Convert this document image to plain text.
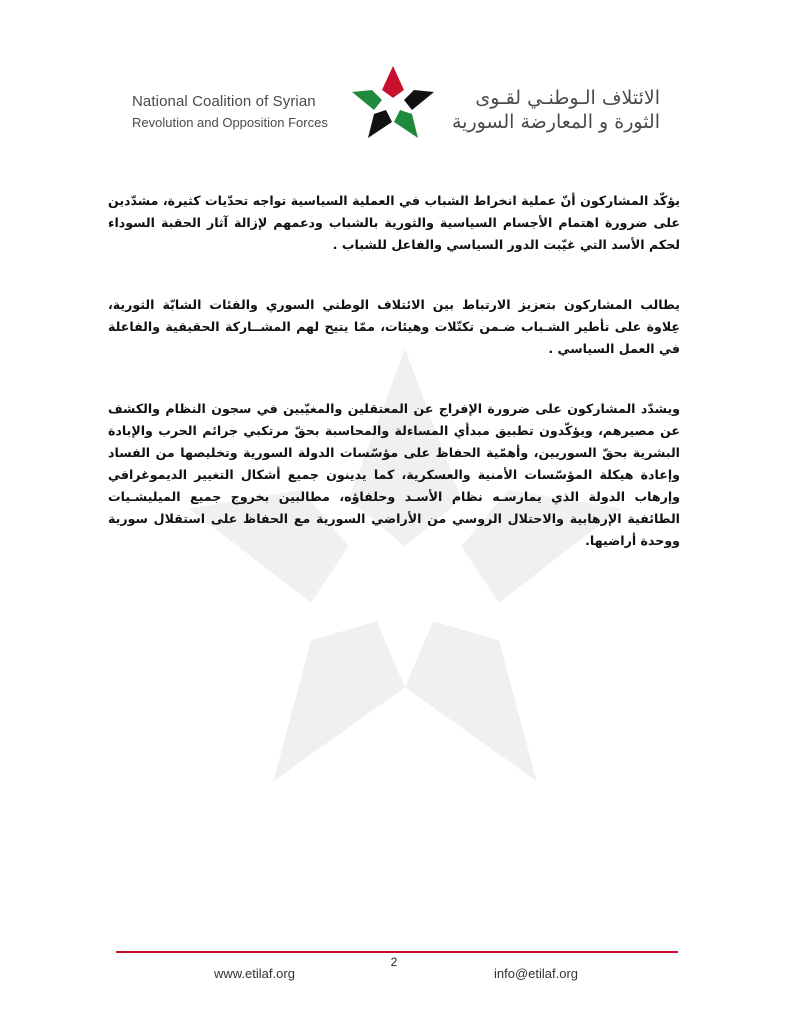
National Coalition of Syrian
Revolution and Opposition Forces
الائتلاف الـوطنـي لقـوى
الثورة و المعارضة السورية

يؤكّد المشاركون أنّ عملية انخراط الشباب في العملية السياسية تواجه تحدّيات كثيرة، مشدّدين على ضرورة اهتمام الأجسام السياسية والثورية بالشباب ودعمهم لإزالة آثار الحقبة السوداء لحكم الأسد التي غيّبت الدور السياسي والفاعل للشباب .

يطالب المشاركون بتعزيز الارتباط بين الائتلاف الوطني السوري والفئات الشابّة الثورية، عِلاوة على تأطير الشـباب ضـمن تكتّلات وهيئات، ممّا يتيح لهم المشــاركة الحقيقية والفاعلة في العمل السياسي .

ويشدّد المشاركون على ضرورة الإفراج عن المعتقلين والمغيّبين في سجون النظام والكشف عن مصيرهم، ويؤكّدون تطبيق مبدأي المساءلة والمحاسبة بحقّ مرتكبي جرائم الحرب والإبادة البشرية بحقّ السوريين، وأهمّية الحفاظ على مؤسّسات الدولة السورية وتخليصها من الفساد وإعادة هيكلة المؤسّسات الأمنية والعسكرية، كما يدينون جميع أشكال التغيير الديموغرافي وإرهاب الدولة الذي يمارسـه نظام الأسـد وحلفاؤه، مطالبين بخروج جميع الميليشـيات الطائفية الإرهابية والاحتلال الروسي من الأراضي السورية مع الحفاظ على استقلال سورية ووحدة أراضيها.

2
www.etilaf.org	info@etilaf.org
